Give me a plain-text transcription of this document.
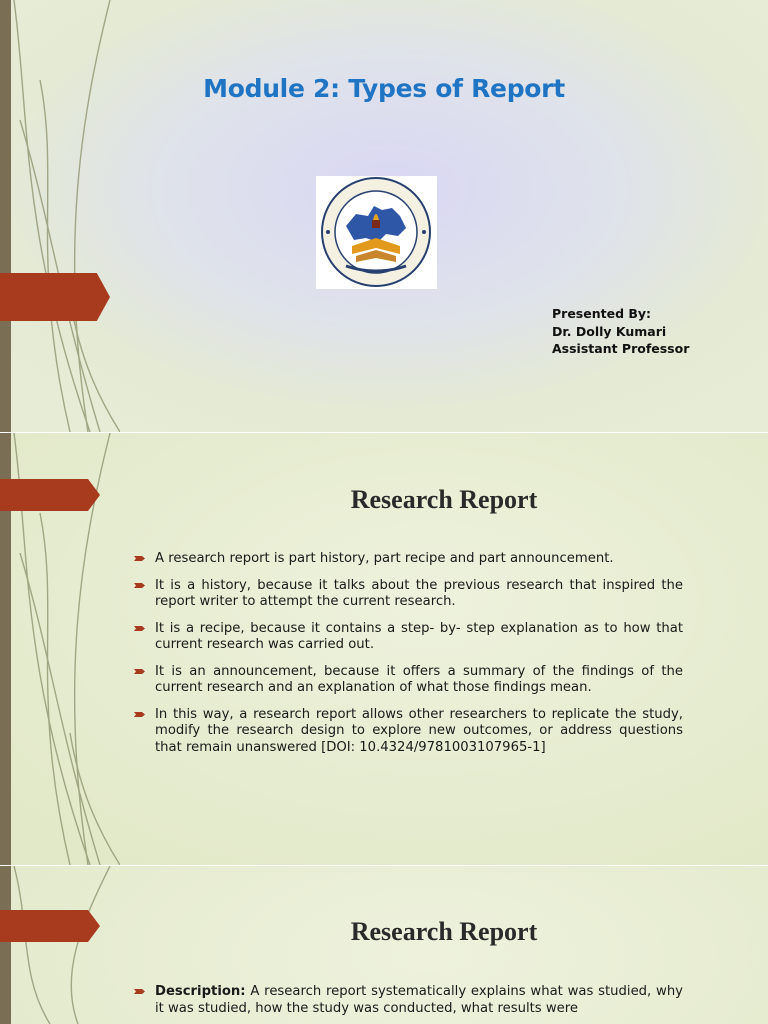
Module 2: Types of Report
Presented By:
Dr. Dolly Kumari
Assistant Professor
Research Report
A research report is part history, part recipe and part announcement.
It is a history, because it talks about the previous research that inspired the report writer to attempt the current research.
It is a recipe, because it contains a step- by- step explanation as to how that current research was carried out.
It is an announcement, because it offers a summary of the findings of the current research and an explanation of what those findings mean.
In this way, a research report allows other researchers to replicate the study, modify the research design to explore new outcomes, or address questions that remain unanswered [DOI: 10.4324/9781003107965-1]
Research Report
Description: A research report systematically explains what was studied, why it was studied, how the study was conducted, what results were
